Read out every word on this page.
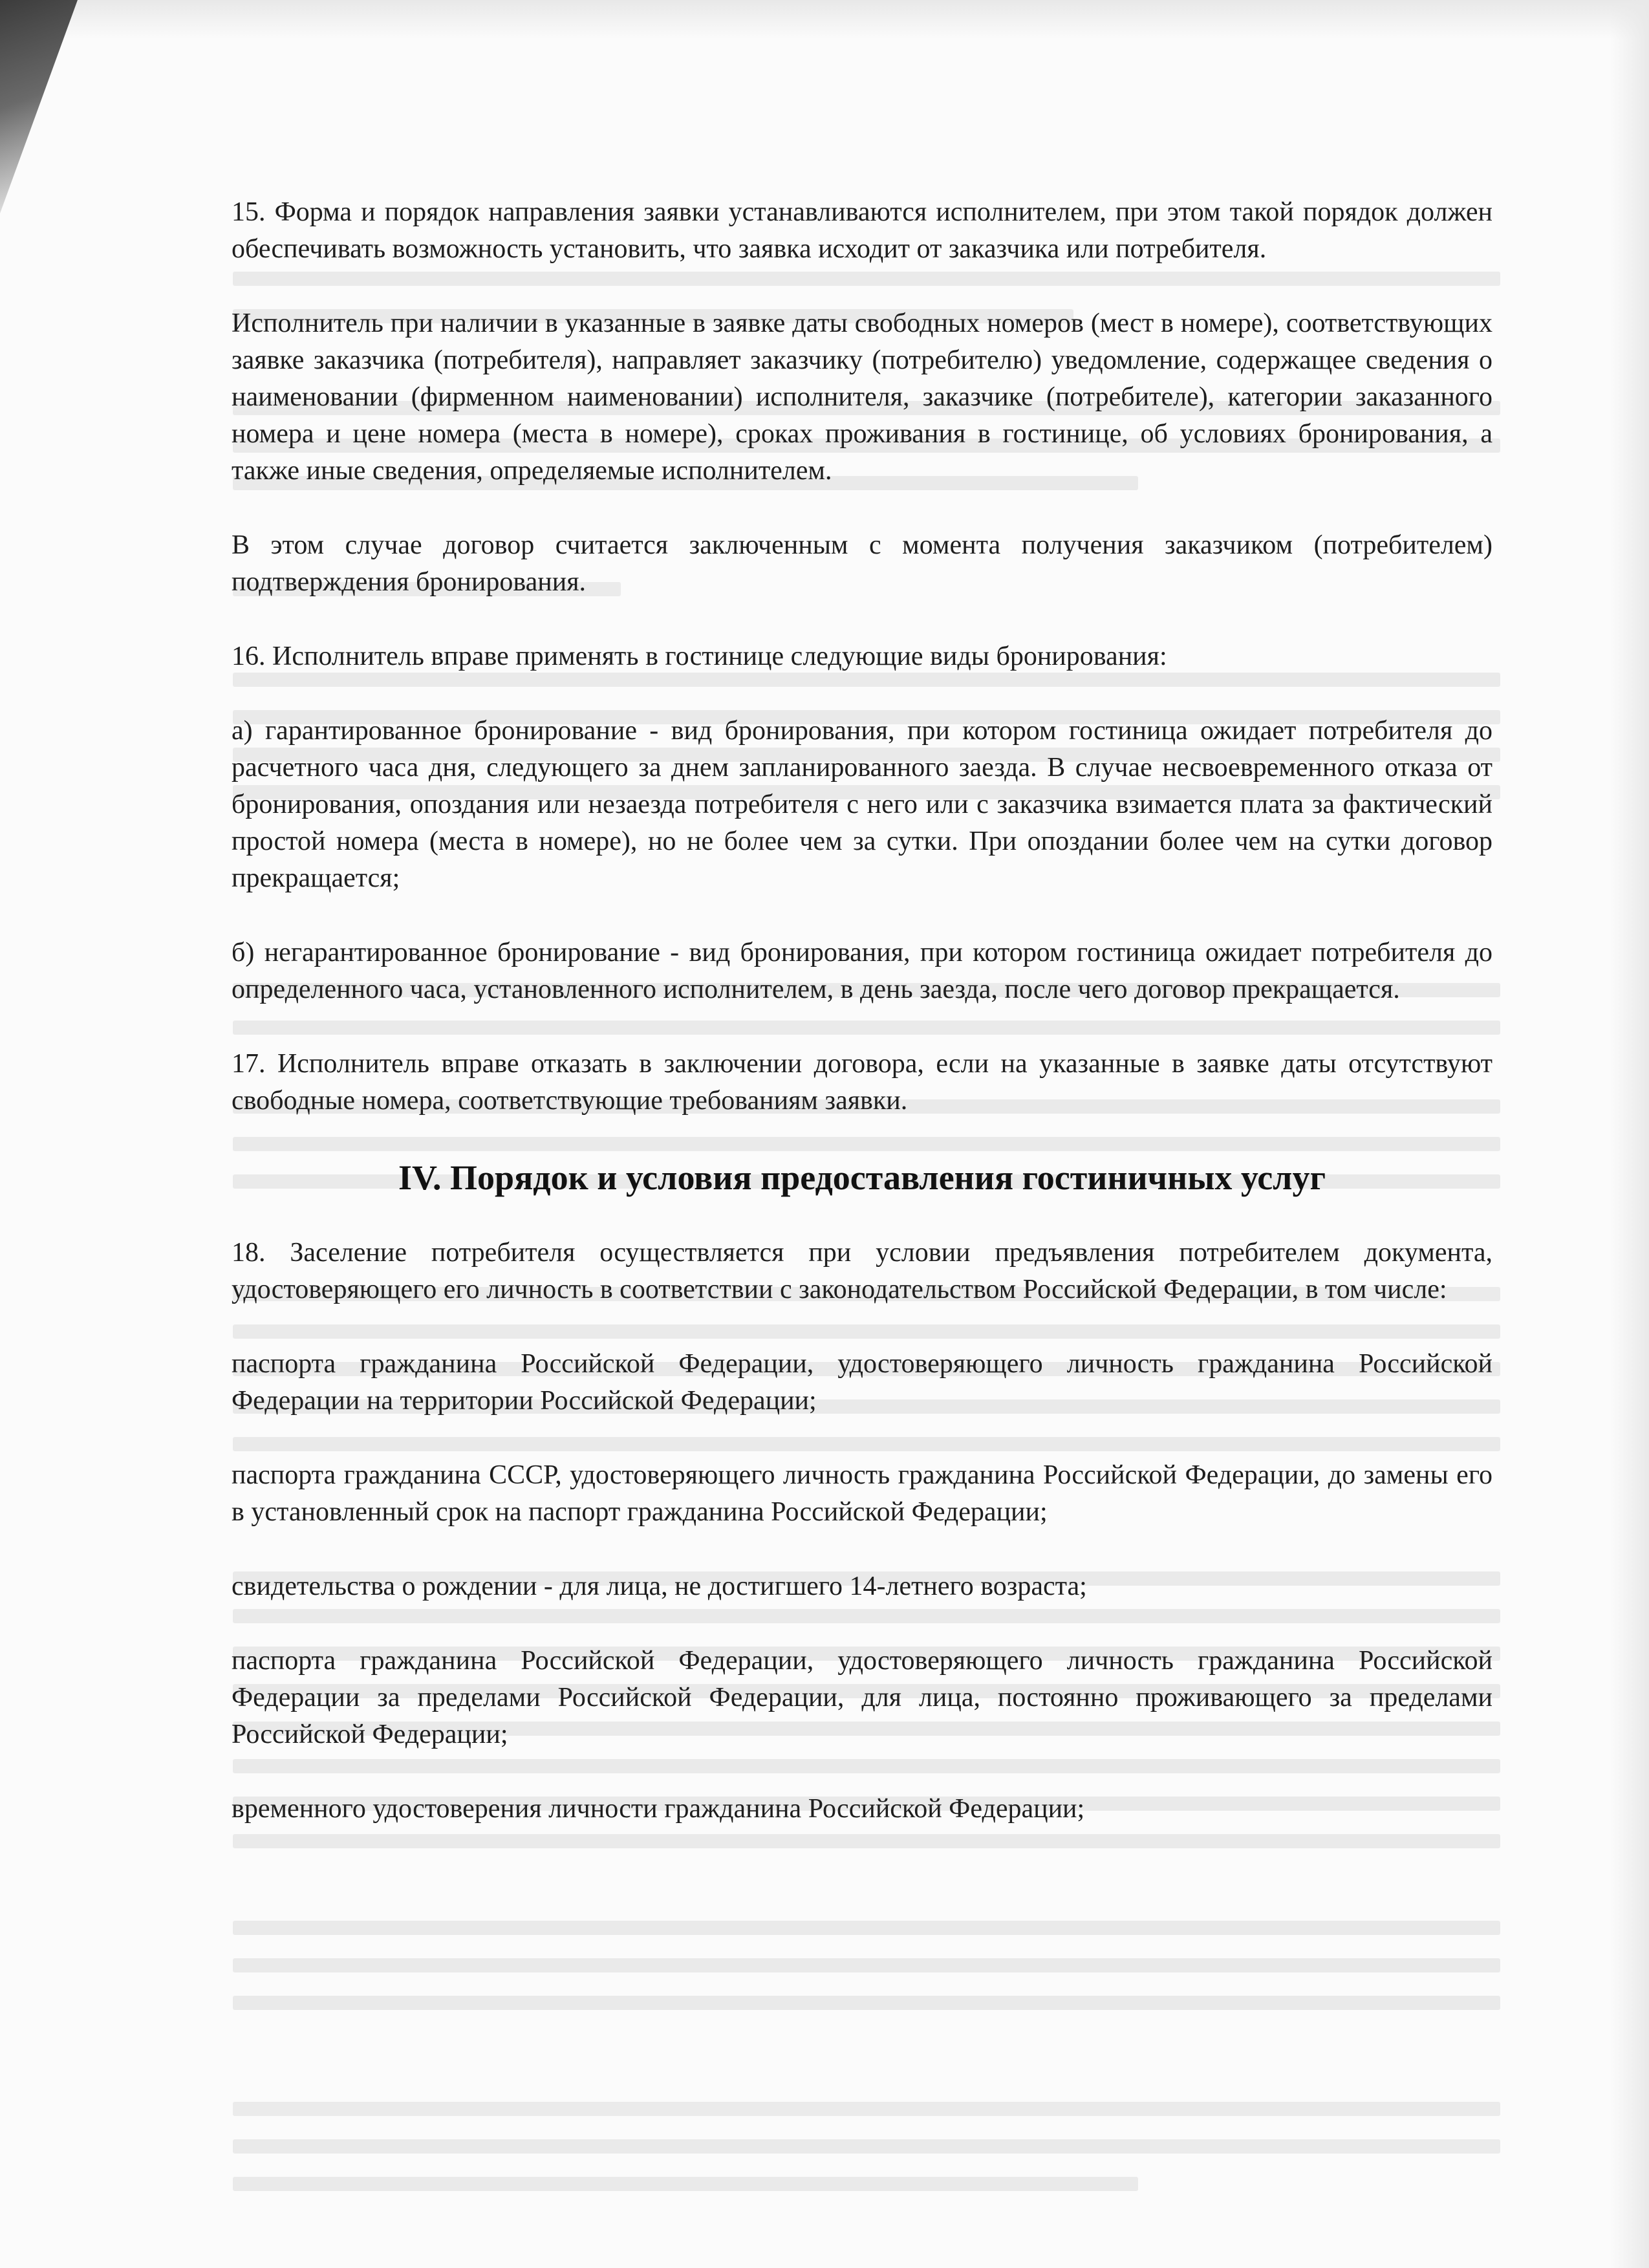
15. Форма и порядок направления заявки устанавливаются исполнителем, при этом такой порядок должен обеспечивать возможность установить, что заявка исходит от заказчика или потребителя.

Исполнитель при наличии в указанные в заявке даты свободных номеров (мест в номере), соответствующих заявке заказчика (потребителя), направляет заказчику (потребителю) уведомление, содержащее сведения о наименовании (фирменном наименовании) исполнителя, заказчике (потребителе), категории заказанного номера и цене номера (места в номере), сроках проживания в гостинице, об условиях бронирования, а также иные сведения, определяемые исполнителем.

В этом случае договор считается заключенным с момента получения заказчиком (потребителем) подтверждения бронирования.

16. Исполнитель вправе применять в гостинице следующие виды бронирования:

а) гарантированное бронирование - вид бронирования, при котором гостиница ожидает потребителя до расчетного часа дня, следующего за днем запланированного заезда. В случае несвоевременного отказа от бронирования, опоздания или незаезда потребителя с него или с заказчика взимается плата за фактический простой номера (места в номере), но не более чем за сутки. При опоздании более чем на сутки договор прекращается;

б) негарантированное бронирование - вид бронирования, при котором гостиница ожидает потребителя до определенного часа, установленного исполнителем, в день заезда, после чего договор прекращается.

17. Исполнитель вправе отказать в заключении договора, если на указанные в заявке даты отсутствуют свободные номера, соответствующие требованиям заявки.

IV. Порядок и условия предоставления гостиничных услуг

18. Заселение потребителя осуществляется при условии предъявления потребителем документа, удостоверяющего его личность в соответствии с законодательством Российской Федерации, в том числе:

паспорта гражданина Российской Федерации, удостоверяющего личность гражданина Российской Федерации на территории Российской Федерации;

паспорта гражданина СССР, удостоверяющего личность гражданина Российской Федерации, до замены его в установленный срок на паспорт гражданина Российской Федерации;

свидетельства о рождении - для лица, не достигшего 14-летнего возраста;

паспорта гражданина Российской Федерации, удостоверяющего личность гражданина Российской Федерации за пределами Российской Федерации, для лица, постоянно проживающего за пределами Российской Федерации;

временного удостоверения личности гражданина Российской Федерации;
